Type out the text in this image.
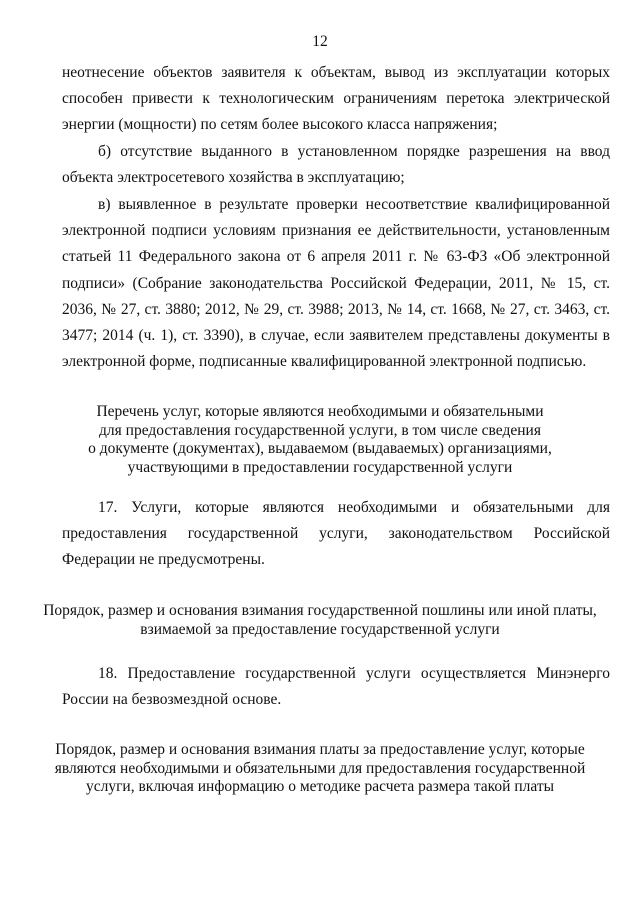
12

неотнесение объектов заявителя к объектам, вывод из эксплуатации которых способен привести к технологическим ограничениям перетока электрической энергии (мощности) по сетям более высокого класса напряжения;

б) отсутствие выданного в установленном порядке разрешения на ввод объекта электросетевого хозяйства в эксплуатацию;

в) выявленное в результате проверки несоответствие квалифицированной электронной подписи условиям признания ее действительности, установленным статьей 11 Федерального закона от 6 апреля 2011 г. № 63-ФЗ «Об электронной подписи» (Собрание законодательства Российской Федерации, 2011, № 15, ст. 2036, № 27, ст. 3880; 2012, № 29, ст. 3988; 2013, № 14, ст. 1668, № 27, ст. 3463, ст. 3477; 2014 (ч. 1), ст. 3390), в случае, если заявителем представлены документы в электронной форме, подписанные квалифицированной электронной подписью.

Перечень услуг, которые являются необходимыми и обязательными
для предоставления государственной услуги, в том числе сведения
о документе (документах), выдаваемом (выдаваемых) организациями,
участвующими в предоставлении государственной услуги

17. Услуги, которые являются необходимыми и обязательными для предоставления государственной услуги, законодательством Российской Федерации не предусмотрены.

Порядок, размер и основания взимания государственной пошлины или иной платы,
взимаемой за предоставление государственной услуги

18. Предоставление государственной услуги осуществляется Минэнерго России на безвозмездной основе.

Порядок, размер и основания взимания платы за предоставление услуг, которые
являются необходимыми и обязательными для предоставления государственной
услуги, включая информацию о методике расчета размера такой платы
